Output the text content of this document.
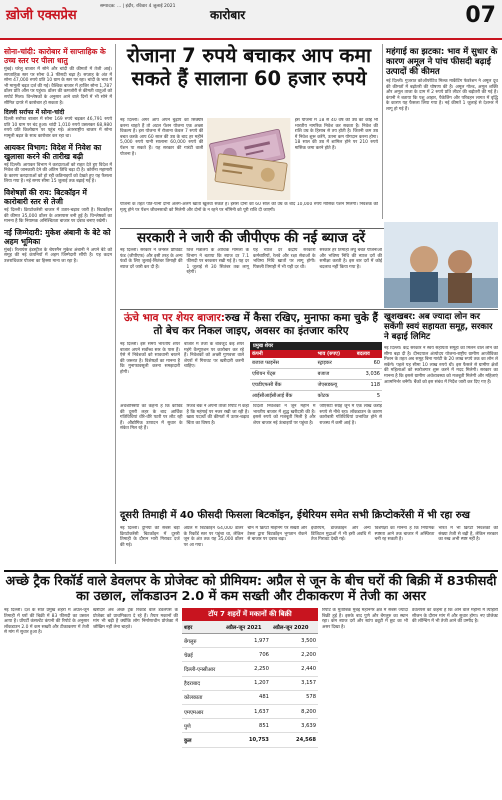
ख़ोजी एक्सप्रेस
सम्पादक: ... | इंदौर, रविवार 4 जुलाई 2021
कारोबार	07
सोना-चांदी: कारोबार में साप्ताहिक के उच्च स्तर पर पीला धातु
मुंबई। घरेलू बाजार में सोने और चांदी की कीमतों में तेजी आई। साप्ताहिक स्तर पर सोना 0.3 फीसदी चढ़ा है। सप्ताह के अंत में सोना 47,000 रुपये प्रति 10 ग्राम के स्तर पर रहा। चांदी के भाव में भी मामूली बढ़त दर्ज की गई। वैश्विक बाजार में हाजिर सोना 1,787 डॉलर प्रति औंस पर पहुंचा। डॉलर की कमजोरी से कीमती धातुओं को सपोर्ट मिला। विश्लेषकों के अनुसार आने वाले दिनों में भी सोने में सीमित दायरे में कारोबार हो सकता है।
दिल्ली सर्राफा में सोना-चांदी
दिल्ली सर्राफा बाजार में सोना 169 रुपये चढ़कर 46,791 रुपये प्रति 10 ग्राम पर बंद हुआ। चांदी 1,010 रुपये उछलकर 68,980 रुपये प्रति किलोग्राम पर पहुंच गई। अंतरराष्ट्रीय बाजार में सोना मामूली बढ़त के साथ कारोबार कर रहा था।
आयकर विभाग: विदेश में निवेश का खुलासा करने की तारीख बढ़ी
नई दिल्ली। आयकर विभाग ने करदाताओं को राहत देते हुए विदेश में निवेश की जानकारी देने की अंतिम तिथि बढ़ा दी है। कोरोना महामारी के कारण करदाताओं को हो रही कठिनाइयों को देखते हुए यह फैसला लिया गया है। नई समय सीमा 15 जुलाई तक बढ़ाई गई है।
विशेषज्ञों की राय: बिटकॉइन में कारोबारी स्तर से तेजी
नई दिल्ली। क्रिप्टोकरेंसी बाजार में उतार-चढ़ाव जारी है। बिटकॉइन की कीमत 35,000 डॉलर के आसपास बनी हुई है। विश्लेषकों का मानना है कि नियामक अनिश्चितता बाजार पर दबाव बनाए रखेगी।
नई जिम्मेदारी: मुकेश अंबानी के बेटे को अहम भूमिका
मुंबई। रिलायंस इंडस्ट्रीज के चेयरमैन मुकेश अंबानी ने अपने बेटे को समूह की नई कंपनियों में अहम जिम्मेदारी सौंपी है। यह कदम उत्तराधिकार योजना का हिस्सा माना जा रहा है।
रोजाना 7 रुपये बचाकर आप कमा सकते हैं सालाना 60 हजार रुपये
नई दिल्ली। अगर आप अपने बुढ़ापे को सिक्योर करना चाहते हैं तो अटल पेंशन योजना एक अच्छा विकल्प है। इस योजना में रोजाना केवल 7 रुपये की बचत करके आप 60 साल की उम्र के बाद हर महीने 5,000 रुपये यानी सालाना 60,000 रुपये की पेंशन पा सकते हैं। यह सरकार की गारंटी वाली योजना है।
इस योजना में 18 से 40 वर्ष की उम्र का कोई भी भारतीय नागरिक निवेश कर सकता है। निवेश की राशि उम्र के हिसाब से तय होती है। जितनी कम उम्र में निवेश शुरू करेंगे, उतना कम योगदान करना होगा। 18 साल की उम्र में शामिल होने पर 210 रुपये मासिक जमा करने होते हैं।
योजना के तहत पति-पत्नी दोनों अलग-अलग खाता खुलवा सकते हैं। इससे दोनों को 60 साल की उम्र के बाद 10,000 रुपये मासिक पेंशन मिलेगी। निवेशक की मृत्यु होने पर पेंशन जीवनसाथी को मिलेगी और दोनों के न रहने पर नॉमिनी को पूरी राशि दी जाएगी।
महंगाई का झटका: भाव में सुधार के कारण अमूल ने पांच फीसदी बढ़ाई उत्पादों की कीमत
नई दिल्ली। गुजरात कोऑपरेटिव मिल्क मार्केटिंग फेडरेशन ने अमूल दूध की कीमतों में बढ़ोतरी की घोषणा की है। अमूल गोल्ड, अमूल शक्ति और अमूल ताजा के दाम में 2 रुपये प्रति लीटर की बढ़ोतरी की गई है। कंपनी ने बताया कि पशु आहार, पैकेजिंग और परिवहन लागत में वृद्धि के कारण यह फैसला लिया गया है। नई कीमतें 1 जुलाई से देशभर में लागू हो गई हैं।
सरकारी ने जारी की जीपीएफ की नई ब्याज दरें
नई दिल्ली। सरकार ने जनरल प्रोविडेंट फंड (जीपीएफ) और इसी तरह के अन्य फंडों के लिए जुलाई-सितंबर तिमाही की ब्याज दरें जारी कर दी हैं।
वित्त मंत्रालय के आर्थिक मामलों के विभाग ने बताया कि ब्याज दर 7.1 फीसदी पर बरकरार रखी गई है। यह दर 1 जुलाई से 30 सितंबर तक लागू रहेगी।
यह ब्याज दर केंद्रीय सरकारी कर्मचारियों, रेलवे और रक्षा सेवाओं के भविष्य निधि खातों पर लागू होगी। पिछली तिमाही में भी यही दर थी।
सरकार हर तिमाही लघु बचत योजनाओं और भविष्य निधि की ब्याज दरों की समीक्षा करती है। इस बार दरों में कोई बदलाव नहीं किया गया है।
ऊंचे भाव पर शेयर बाजार:रुख में कैसा रखिए, मुनाफा कमा चुके हैं तो बेच कर निकल जाइए, अवसर का इंतजार करिए
नई दिल्ली। इस समय भारतीय शेयर बाजार अपने सर्वोच्च स्तर के पास हैं। ऐसे में निवेशकों को सावधानी बरतने की जरूरत है। विशेषज्ञों का मानना है कि मुनाफावसूली करना समझदारी होगी।
बाजार में तेजी के बावजूद कई शेयर महंगे वैल्यूएशन पर कारोबार कर रहे हैं। निवेशकों को अच्छी गुणवत्ता वाले शेयरों में गिरावट पर खरीदारी करनी चाहिए।
प्रमुख शेयर
कंपनी	भाव (रुपए)	बदलाव
बजाज फाइनेंस	स्ट्राइकर	60
एशियन पेंट्स	बजाज	3,036
एचडीएफसी बैंक	जेएसडब्ल्यू	118
आईसीआईसीआई बैंक	कोटक	5
खुशखबर: अब ज्यादा लोन कर सकेंगी स्वयं सहायता समूह, सरकार ने बढ़ाई लिमिट
नई दिल्ली। केंद्र सरकार ने स्वयं सहायता समूहों को मिलने वाले लोन की सीमा बढ़ा दी है। दीनदयाल अंत्योदय योजना-राष्ट्रीय ग्रामीण आजीविका मिशन के तहत अब समूह बिना गारंटी के 20 लाख रुपये तक का लोन ले सकेंगे। पहले यह सीमा 10 लाख रुपये थी। इस फैसले से ग्रामीण क्षेत्रों की महिलाओं को स्वरोजगार शुरू करने में मदद मिलेगी। सरकार का मानना है कि इससे ग्रामीण अर्थव्यवस्था को मजबूती मिलेगी और महिलाएं आत्मनिर्भर बनेंगी। बैंकों को इस संबंध में निर्देश जारी कर दिए गए हैं।
अर्थशास्त्रियों का कहना है कि कोविड की दूसरी लहर के बाद आर्थिक गतिविधियां धीरे-धीरे पटरी पर लौट रही हैं। औद्योगिक उत्पादन में सुधार के संकेत मिल रहे हैं।
रिजर्व बैंक ने अपनी ताजा रिपोर्ट में कहा है कि महंगाई पर नजर रखी जा रही है। खाद्य पदार्थों की कीमतों में उतार-चढ़ाव चिंता का विषय है।
विदेशी निवेशकों ने जून महीने में भारतीय बाजार में शुद्ध खरीदारी की है। इससे रुपये को मजबूती मिली है और शेयर बाजार नई ऊंचाइयों पर पहुंचा है।
जीएसटी संग्रह जून में एक लाख करोड़ रुपये से नीचे रहा। लॉकडाउन के कारण कारोबारी गतिविधियां प्रभावित होने से राजस्व में कमी आई है।
दूसरी तिमाही में 40 फीसदी फिसला बिटकॉइन, ईथेरियम समेत सभी क्रिप्टोकरेंसी में भी रहा रुख
नई दिल्ली। दुनिया की सबसे बड़ी क्रिप्टोकरेंसी बिटकॉइन में दूसरी तिमाही के दौरान भारी गिरावट दर्ज की गई।
अप्रैल में बिटकॉइन 64,000 डॉलर के रिकॉर्ड स्तर पर पहुंचा था, लेकिन जून के अंत तक यह 35,000 डॉलर पर आ गया।
चीन में क्रिप्टो माइनिंग पर सख्ती और टेस्ला द्वारा बिटकॉइन भुगतान रोकने से बाजार पर दबाव बढ़ा।
ईथेरियम, डॉजकॉइन और अन्य डिजिटल मुद्राओं में भी इसी अवधि में तेज गिरावट देखी गई।
विशेषज्ञों का मानना है कि नियामक स्पष्टता आने तक बाजार में अस्थिरता बनी रह सकती है।
भारत में भी क्रिप्टो निवेशकों की संख्या तेजी से बढ़ी है, लेकिन सरकार का रुख अभी स्पष्ट नहीं है।
अच्छे ट्रैक रिकॉर्ड वाले डेवलपर के प्रोजेक्ट को प्रीमियम: अप्रैल से जून के बीच घरों की बिक्री में 83फीसदी का उछाल, लॉकडाउन 2.0 में कम सख्ती और टीकाकरण में तेजी का असर
नई दिल्ली। देश के सात प्रमुख शहरों में अप्रैल-जून तिमाही में घरों की बिक्री में 83 फीसदी का उछाल आया है। प्रॉपर्टी कंसल्टेंट कंपनी की रिपोर्ट के अनुसार लॉकडाउन 2.0 में कम सख्ती और टीकाकरण में तेजी से मांग में सुधार हुआ है।
खरीदार अब अच्छे ट्रैक रिकॉर्ड वाले डेवलपर्स के प्रोजेक्ट को प्राथमिकता दे रहे हैं। तैयार मकानों की मांग भी बढ़ी है क्योंकि लोग निर्माणाधीन प्रोजेक्ट में जोखिम नहीं लेना चाहते।
टॉप 7 शहरों में मकानों की बिक्री
शहर	अप्रैल-जून 2021	अप्रैल-जून 2020
बेंगलुरु	1,977	3,500
चेन्नई	706	2,200
दिल्ली-एनसीआर	2,250	2,440
हैदराबाद	1,207	3,157
कोलकाता	481	578
एमएमआर	1,637	8,200
पुणे	851	3,639
कुल	10,753	24,568
रिपोर्ट के मुताबिक मुंबई महानगर क्षेत्र में सबसे ज्यादा बिक्री हुई है। इसके बाद पुणे और बेंगलुरु का स्थान रहा। कम ब्याज दरों और स्टांप ड्यूटी में छूट का भी असर दिखा है।
डेवलपर्स का कहना है कि आने वाले महीनों में त्योहारी सीजन के दौरान मांग में और सुधार होगा। नए प्रोजेक्ट की लॉन्चिंग में भी तेजी आने की उम्मीद है।
